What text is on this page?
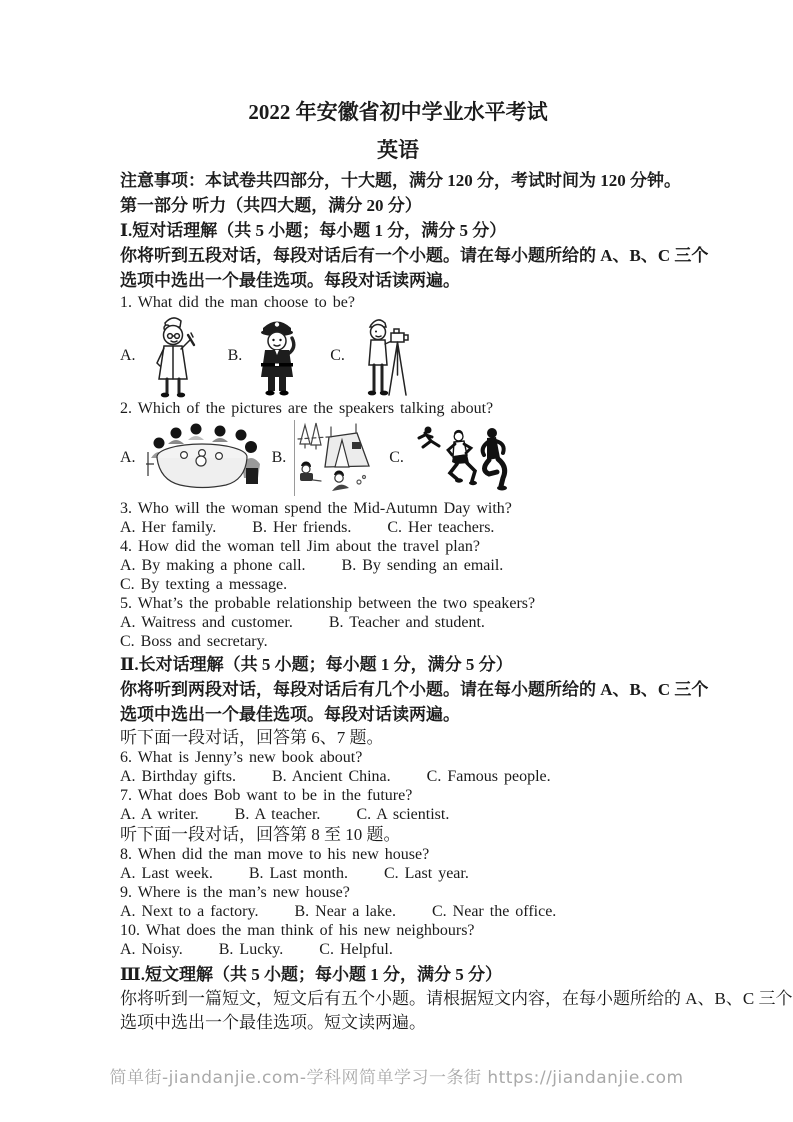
2022 年安徽省初中学业水平考试
英语
注意事项：本试卷共四部分，十大题，满分 120 分，考试时间为 120 分钟。
第一部分 听力（共四大题，满分 20 分）
Ⅰ.短对话理解（共 5 小题；每小题 1 分，满分 5 分）
你将听到五段对话，每段对话后有一个小题。请在每小题所给的 A、B、C 三个
选项中选出一个最佳选项。每段对话读两遍。
1. What did the man choose to be?
A.	B.	C.
2. Which of the pictures are the speakers talking about?
A.	B.	C.
3. Who will the woman spend the Mid-Autumn Day with?
A. Her family. B. Her friends. C. Her teachers.
4. How did the woman tell Jim about the travel plan?
A. By making a phone call. B. By sending an email.
C. By texting a message.
5. What’s the probable relationship between the two speakers?
A. Waitress and customer. B. Teacher and student.
C. Boss and secretary.
Ⅱ.长对话理解（共 5 小题；每小题 1 分，满分 5 分）
你将听到两段对话，每段对话后有几个小题。请在每小题所给的 A、B、C 三个
选项中选出一个最佳选项。每段对话读两遍。
听下面一段对话，回答第 6、7 题。
6. What is Jenny’s new book about?
A. Birthday gifts. B. Ancient China. C. Famous people.
7. What does Bob want to be in the future?
A. A writer. B. A teacher. C. A scientist.
听下面一段对话，回答第 8 至 10 题。
8. When did the man move to his new house?
A. Last week. B. Last month. C. Last year.
9. Where is the man’s new house?
A. Next to a factory. B. Near a lake. C. Near the office.
10. What does the man think of his new neighbours?
A. Noisy. B. Lucky. C. Helpful.
Ⅲ.短文理解（共 5 小题；每小题 1 分，满分 5 分）
你将听到一篇短文，短文后有五个小题。请根据短文内容，在每小题所给的 A、B、C 三个
选项中选出一个最佳选项。短文读两遍。
简单街-jiandanjie.com-学科网简单学习一条街 https://jiandanjie.com
